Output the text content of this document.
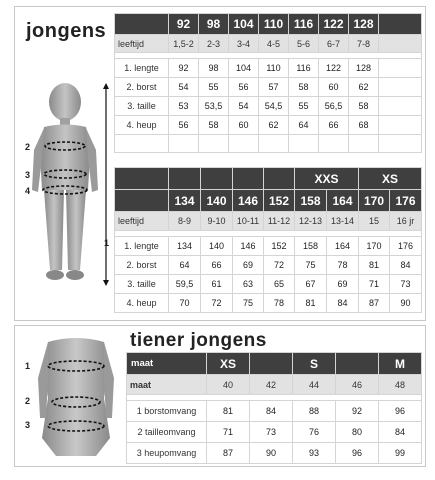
jongens
2
3
4
1
	92	98	104	110	116	122	128	
leeftijd	1,5-2	2-3	3-4	4-5	5-6	6-7	7-8	

1. lengte	92	98	104	110	116	122	128	
2. borst	54	55	56	57	58	60	62	
3. taille	53	53,5	54	54,5	55	56,5	58	
4. heup	56	58	60	62	64	66	68	

					XXS		XS	
	134	140	146	152	158	164	170	176
leeftijd	8-9	9-10	10-11	11-12	12-13	13-14	15	16 jr

1. lengte	134	140	146	152	158	164	170	176
2. borst	64	66	69	72	75	78	81	84
3. taille	59,5	61	63	65	67	69	71	73
4. heup	70	72	75	78	81	84	87	90
1
2
3
tiener jongens
maat	XS		S		M
maat	40	42	44	46	48

1 borstomvang	81	84	88	92	96
2 tailleomvang	71	73	76	80	84
3 heupomvang	87	90	93	96	99
